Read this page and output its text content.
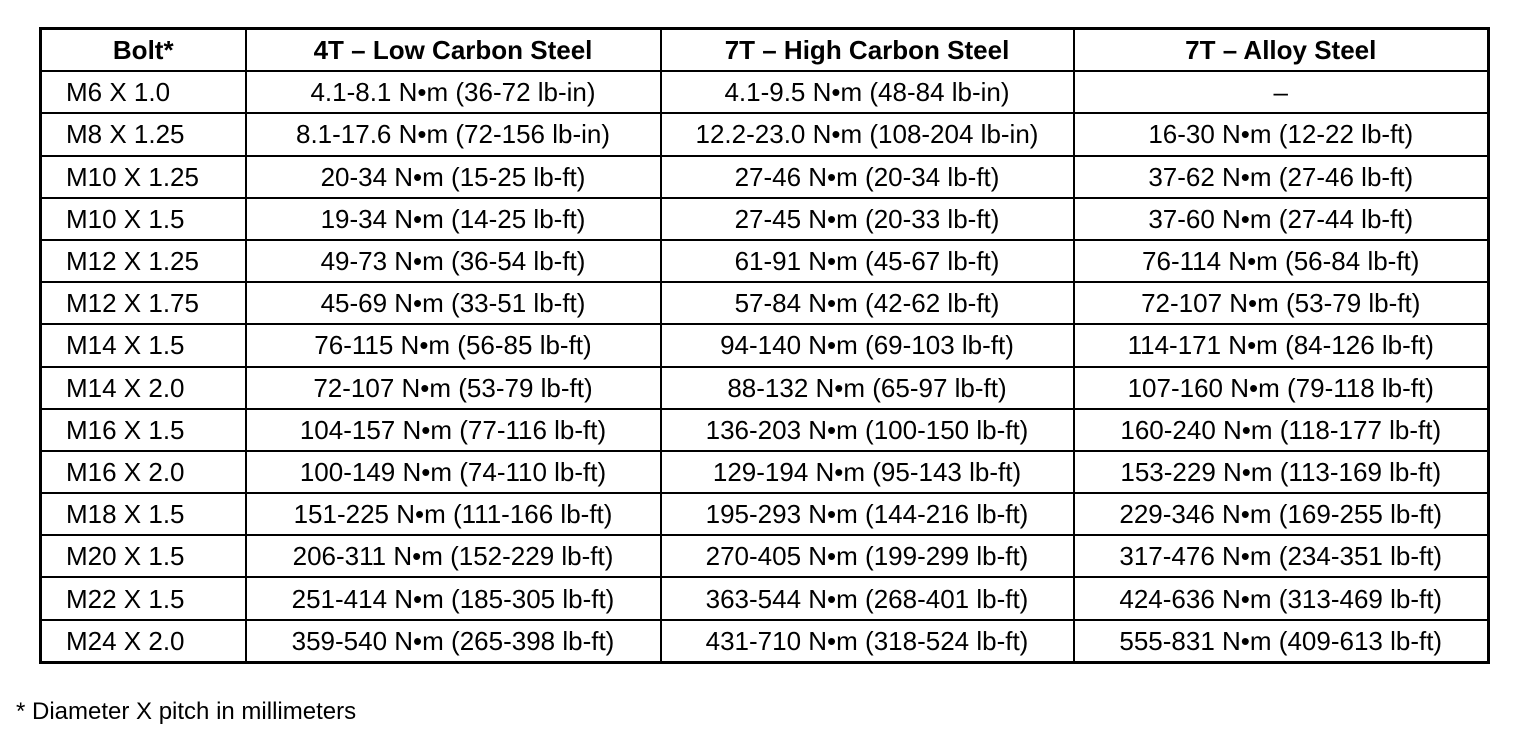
Bolt*	4T – Low Carbon Steel	7T – High Carbon Steel	7T – Alloy Steel
M6 X 1.0	4.1-8.1 N•m (36-72 lb-in)	4.1-9.5 N•m (48-84 lb-in)	–
M8 X 1.25	8.1-17.6 N•m (72-156 lb-in)	12.2-23.0 N•m (108-204 lb-in)	16-30 N•m (12-22 lb-ft)
M10 X 1.25	20-34 N•m (15-25 lb-ft)	27-46 N•m (20-34 lb-ft)	37-62 N•m (27-46 lb-ft)
M10 X 1.5	19-34 N•m (14-25 lb-ft)	27-45 N•m (20-33 lb-ft)	37-60 N•m (27-44 lb-ft)
M12 X 1.25	49-73 N•m (36-54 lb-ft)	61-91 N•m (45-67 lb-ft)	76-114 N•m (56-84 lb-ft)
M12 X 1.75	45-69 N•m (33-51 lb-ft)	57-84 N•m (42-62 lb-ft)	72-107 N•m (53-79 lb-ft)
M14 X 1.5	76-115 N•m (56-85 lb-ft)	94-140 N•m (69-103 lb-ft)	114-171 N•m (84-126 lb-ft)
M14 X 2.0	72-107 N•m (53-79 lb-ft)	88-132 N•m (65-97 lb-ft)	107-160 N•m (79-118 lb-ft)
M16 X 1.5	104-157 N•m (77-116 lb-ft)	136-203 N•m (100-150 lb-ft)	160-240 N•m (118-177 lb-ft)
M16 X 2.0	100-149 N•m (74-110 lb-ft)	129-194 N•m (95-143 lb-ft)	153-229 N•m (113-169 lb-ft)
M18 X 1.5	151-225 N•m (111-166 lb-ft)	195-293 N•m (144-216 lb-ft)	229-346 N•m (169-255 lb-ft)
M20 X 1.5	206-311 N•m (152-229 lb-ft)	270-405 N•m (199-299 lb-ft)	317-476 N•m (234-351 lb-ft)
M22 X 1.5	251-414 N•m (185-305 lb-ft)	363-544 N•m (268-401 lb-ft)	424-636 N•m (313-469 lb-ft)
M24 X 2.0	359-540 N•m (265-398 lb-ft)	431-710 N•m (318-524 lb-ft)	555-831 N•m (409-613 lb-ft)
* Diameter X pitch in millimeters
